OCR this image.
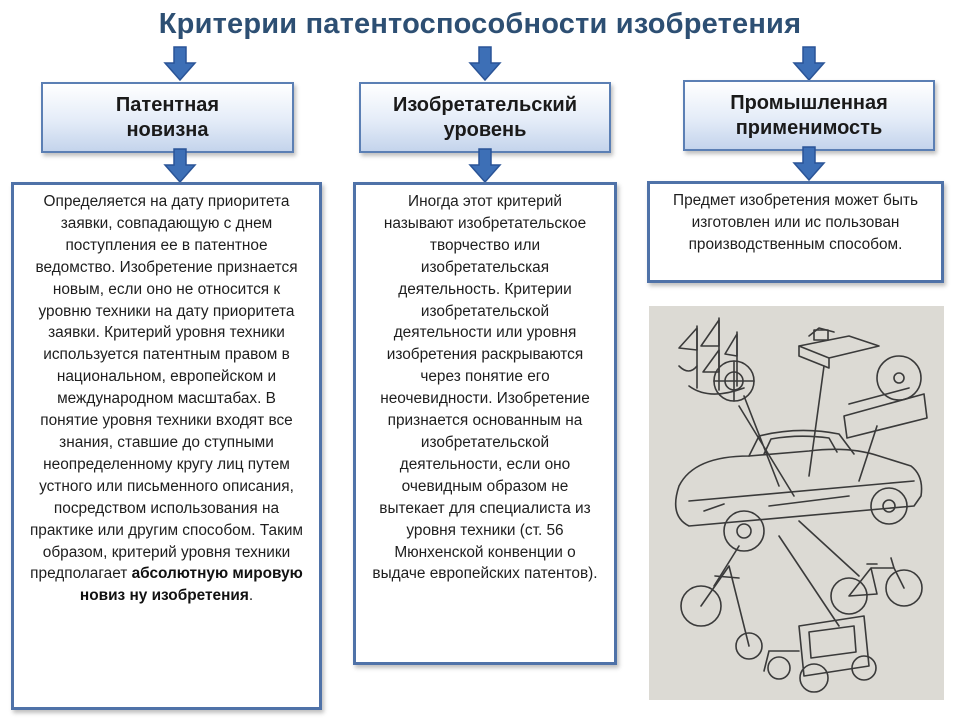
Критерии патентоспособности изобретения
Патентная
новизна
Изобретательский
уровень
Промышленная
применимость
Определяется на дату приоритета заявки, совпадающую с днем поступления ее в патентное ведомство. Изобретение признается новым, если оно не относится к уровню техники на дату приоритета заявки. Критерий уровня техники используется патентным правом в национальном, европейском и международном масштабах. В понятие уровня техники входят все знания, ставшие до ступными неопределенному кругу лиц путем устного или письменного описания, посредством использования на практике или другим способом. Таким образом, критерий уровня техники предполагает абсолютную мировую новиз ну изобретения.
Иногда этот критерий называют изобретательское творчество или изобретательская деятельность. Критерии изобретательской деятельности или уровня изобретения раскрываются через понятие его неочевидности. Изобретение признается основанным на изобретательской деятельности, если оно очевидным образом не вытекает для специалиста из уровня техники (ст. 56 Мюнхенской конвенции о выдаче европейских патентов).
Предмет изобретения может быть изготовлен или ис пользован производственным способом.
